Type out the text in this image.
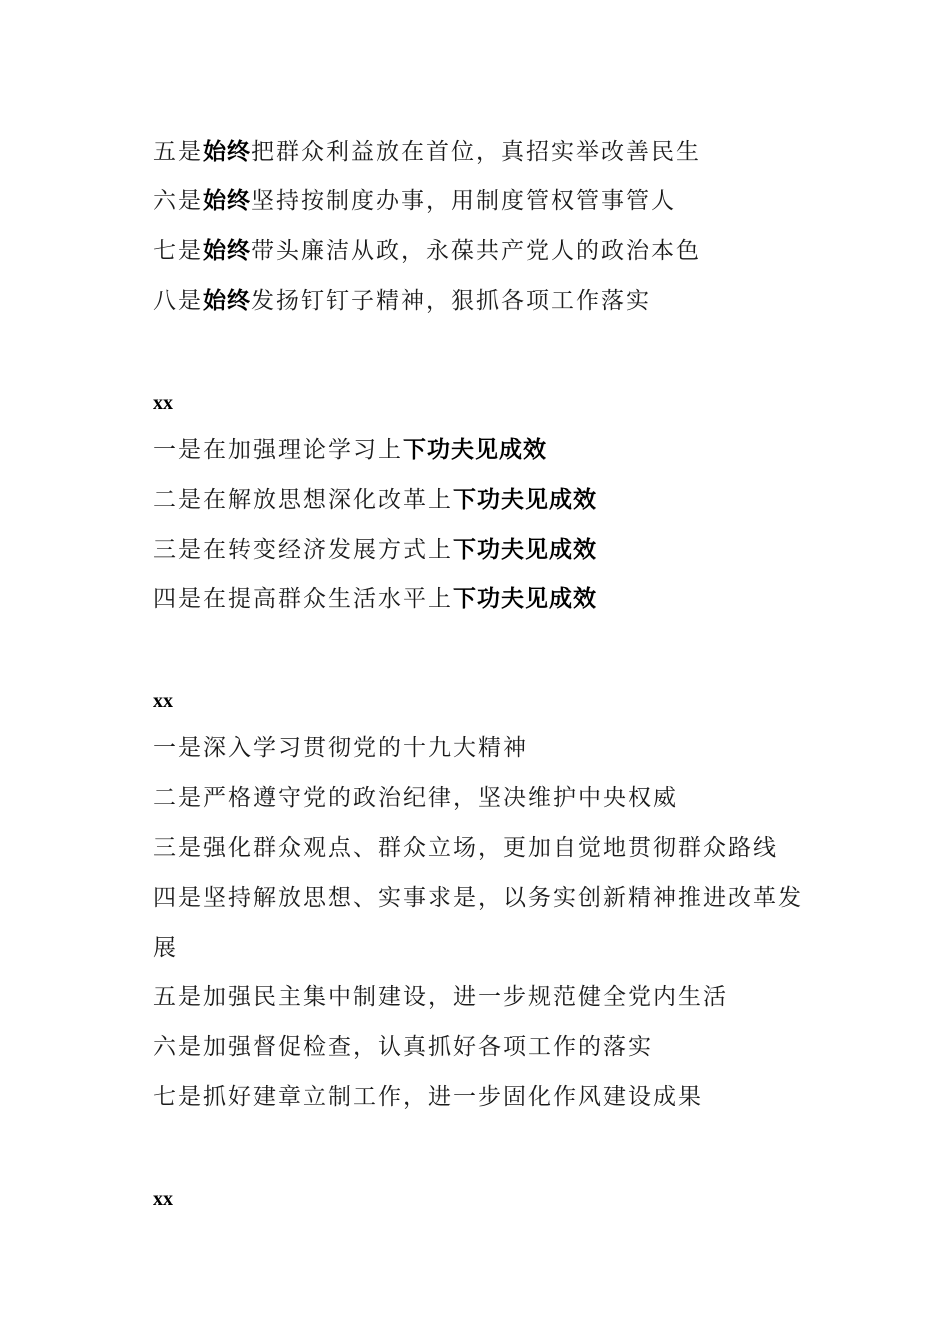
五是始终把群众利益放在首位，真招实举改善民生
六是始终坚持按制度办事，用制度管权管事管人
七是始终带头廉洁从政，永葆共产党人的政治本色
八是始终发扬钉钉子精神，狠抓各项工作落实
xx
一是在加强理论学习上下功夫见成效
二是在解放思想深化改革上下功夫见成效
三是在转变经济发展方式上下功夫见成效
四是在提高群众生活水平上下功夫见成效
xx
一是深入学习贯彻党的十九大精神
二是严格遵守党的政治纪律，坚决维护中央权威
三是强化群众观点、群众立场，更加自觉地贯彻群众路线
四是坚持解放思想、实事求是，以务实创新精神推进改革发展
五是加强民主集中制建设，进一步规范健全党内生活
六是加强督促检查，认真抓好各项工作的落实
七是抓好建章立制工作，进一步固化作风建设成果
xx
